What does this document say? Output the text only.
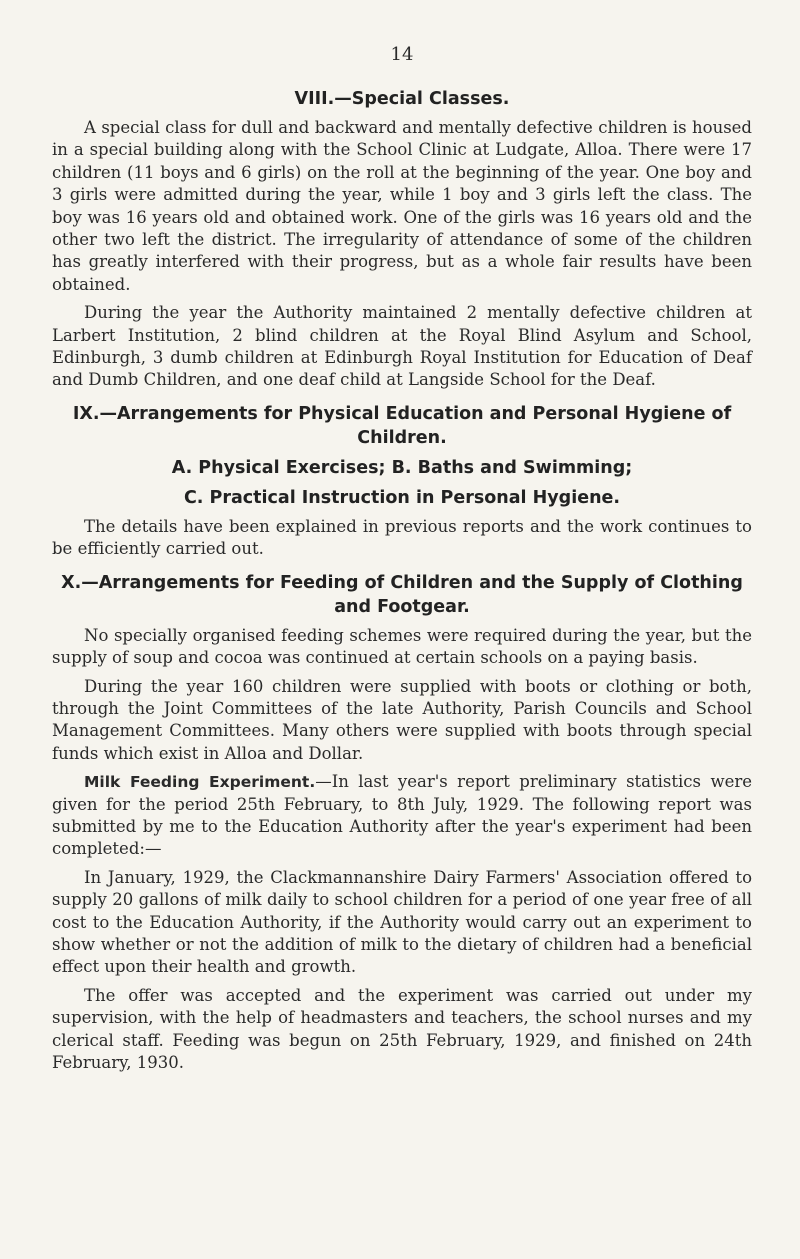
14
VIII.—Special Classes.

A special class for dull and backward and mentally defective children is housed in a special building along with the School Clinic at Ludgate, Alloa. There were 17 children (11 boys and 6 girls) on the roll at the beginning of the year. One boy and 3 girls were admitted during the year, while 1 boy and 3 girls left the class. The boy was 16 years old and obtained work. One of the girls was 16 years old and the other two left the district. The irregularity of attendance of some of the children has greatly interfered with their progress, but as a whole fair results have been obtained.

During the year the Authority maintained 2 mentally defective children at Larbert Institution, 2 blind children at the Royal Blind Asylum and School, Edinburgh, 3 dumb children at Edinburgh Royal Institution for Education of Deaf and Dumb Children, and one deaf child at Langside School for the Deaf.

IX.—Arrangements for Physical Education and Personal Hygiene of Children.
A. Physical Exercises; B. Baths and Swimming;
C. Practical Instruction in Personal Hygiene.

The details have been explained in previous reports and the work continues to be efficiently carried out.

X.—Arrangements for Feeding of Children and the Supply of Clothing and Footgear.

No specially organised feeding schemes were required during the year, but the supply of soup and cocoa was continued at certain schools on a paying basis.

During the year 160 children were supplied with boots or clothing or both, through the Joint Committees of the late Authority, Parish Councils and School Management Committees. Many others were supplied with boots through special funds which exist in Alloa and Dollar.

Milk Feeding Experiment.—In last year's report preliminary statistics were given for the period 25th February, to 8th July, 1929. The following report was submitted by me to the Education Authority after the year's experiment had been completed:—

In January, 1929, the Clackmannanshire Dairy Farmers' Association offered to supply 20 gallons of milk daily to school children for a period of one year free of all cost to the Education Authority, if the Authority would carry out an experiment to show whether or not the addition of milk to the dietary of children had a beneficial effect upon their health and growth.

The offer was accepted and the experiment was carried out under my supervision, with the help of headmasters and teachers, the school nurses and my clerical staff. Feeding was begun on 25th February, 1929, and finished on 24th February, 1930.
